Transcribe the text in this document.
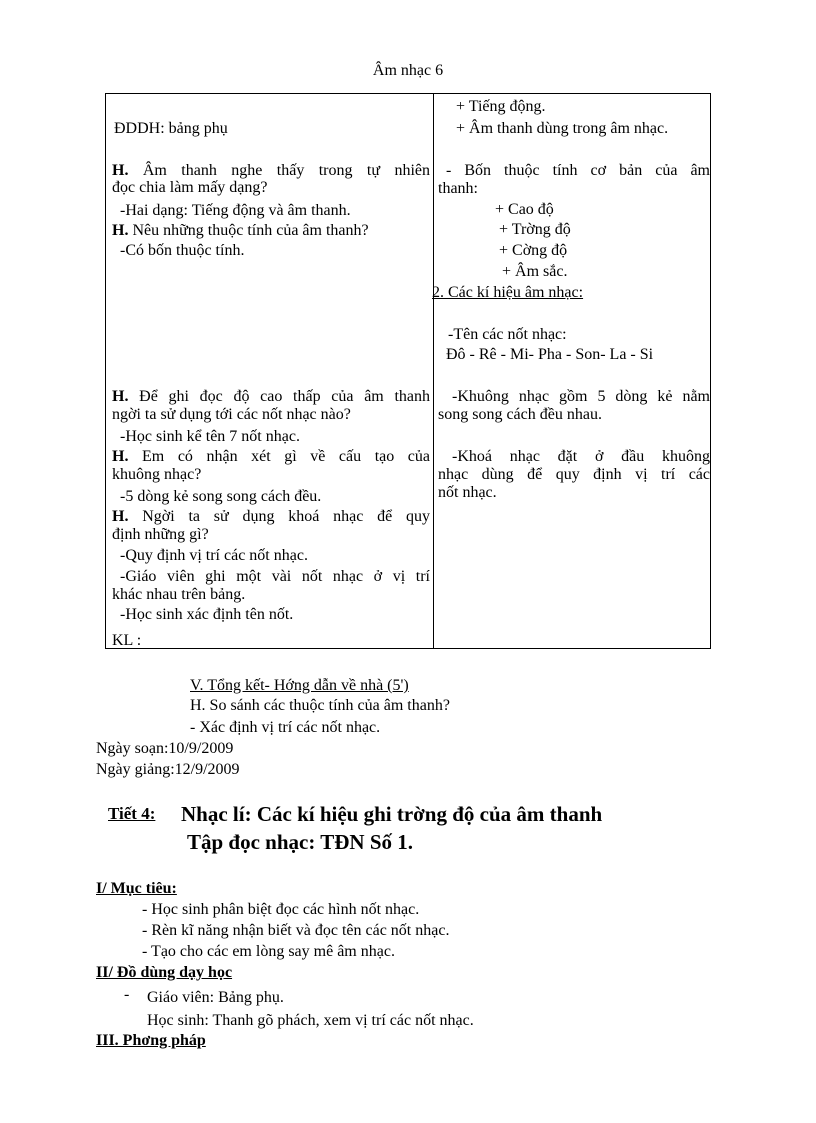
Âm nhạc 6
ĐDDH: bảng phụ
H. Âm thanh nghe thấy trong tự nhiên
đọc chia làm mấy dạng?
-Hai dạng: Tiếng động và âm thanh.
H. Nêu những thuộc tính của âm thanh?
-Có bốn thuộc tính.
H. Để ghi đọc độ cao thấp của âm thanh
ngời ta sử dụng tới các nốt nhạc nào?
-Học sinh kể tên 7 nốt nhạc.
H. Em có nhận xét gì về cấu tạo của
khuông nhạc?
-5 dòng kẻ song song cách đều.
H. Ngời ta sử dụng khoá nhạc để quy
định những gì?
-Quy định vị trí các nốt nhạc.
-Giáo viên ghi một vài nốt nhạc ở vị trí
khác nhau trên bảng.
-Học sinh xác định tên nốt.
KL :
+ Tiếng động.
+ Âm thanh dùng trong âm nhạc.
- Bốn thuộc tính cơ bản của âm
thanh:
+ Cao độ
+ Trờng độ
+ Cờng độ
+ Âm sắc.
2. Các kí hiệu âm nhạc:
-Tên các nốt nhạc:
Đô - Rê - Mi- Pha - Son- La - Si
-Khuông nhạc gồm 5 dòng kẻ nằm
song song cách đều nhau.
-Khoá nhạc đặt ở đầu khuông
nhạc dùng để quy định vị trí các
nốt nhạc.
V. Tổng kết- Hớng dẫn về nhà (5')
H. So sánh các thuộc tính của âm thanh?
- Xác định vị trí các nốt nhạc.
Ngày soạn:10/9/2009
Ngày giảng:12/9/2009
Tiết 4: Nhạc lí: Các kí hiệu ghi trờng độ của âm thanh
Tập đọc nhạc: TĐN Số 1.
I/ Mục tiêu:
- Học sinh phân biệt đọc các hình nốt nhạc.
- Rèn kĩ năng nhận biết và đọc tên các nốt nhạc.
- Tạo cho các em lòng say mê âm nhạc.
II/ Đồ dùng dạy học
- Giáo viên: Bảng phụ.
Học sinh: Thanh gõ phách, xem vị trí các nốt nhạc.
III. Phơng pháp
